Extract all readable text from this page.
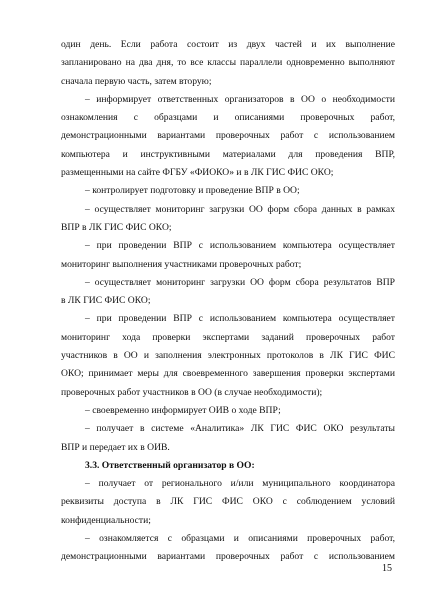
один день. Если работа состоит из двух частей и их выполнение
запланировано на два дня, то все классы параллели одновременно выполняют
сначала первую часть, затем вторую;
– информирует ответственных организаторов в ОО о необходимости
ознакомления с образцами и описаниями проверочных работ,
демонстрационными вариантами проверочных работ с использованием
компьютера и инструктивными материалами для проведения ВПР,
размещенными на сайте ФГБУ «ФИОКО» и в ЛК ГИС ФИС ОКО;
– контролирует подготовку и проведение ВПР в ОО;
– осуществляет мониторинг загрузки ОО форм сбора данных в рамках
ВПР в ЛК ГИС ФИС ОКО;
– при проведении ВПР с использованием компьютера осуществляет
мониторинг выполнения участниками проверочных работ;
– осуществляет мониторинг загрузки ОО форм сбора результатов ВПР
в ЛК ГИС ФИС ОКО;
– при проведении ВПР с использованием компьютера осуществляет
мониторинг хода проверки экспертами заданий проверочных работ
участников в ОО и заполнения электронных протоколов в ЛК ГИС ФИС
ОКО; принимает меры для своевременного завершения проверки экспертами
проверочных работ участников в ОО (в случае необходимости);
– своевременно информирует ОИВ о ходе ВПР;
– получает в системе «Аналитика» ЛК ГИС ФИС ОКО результаты
ВПР и передает их в ОИВ.
3.3. Ответственный организатор в ОО:
– получает от регионального и/или муниципального координатора
реквизиты доступа в ЛК ГИС ФИС ОКО с соблюдением условий
конфиденциальности;
– ознакомляется с образцами и описаниями проверочных работ,
демонстрационными вариантами проверочных работ с использованием
15
